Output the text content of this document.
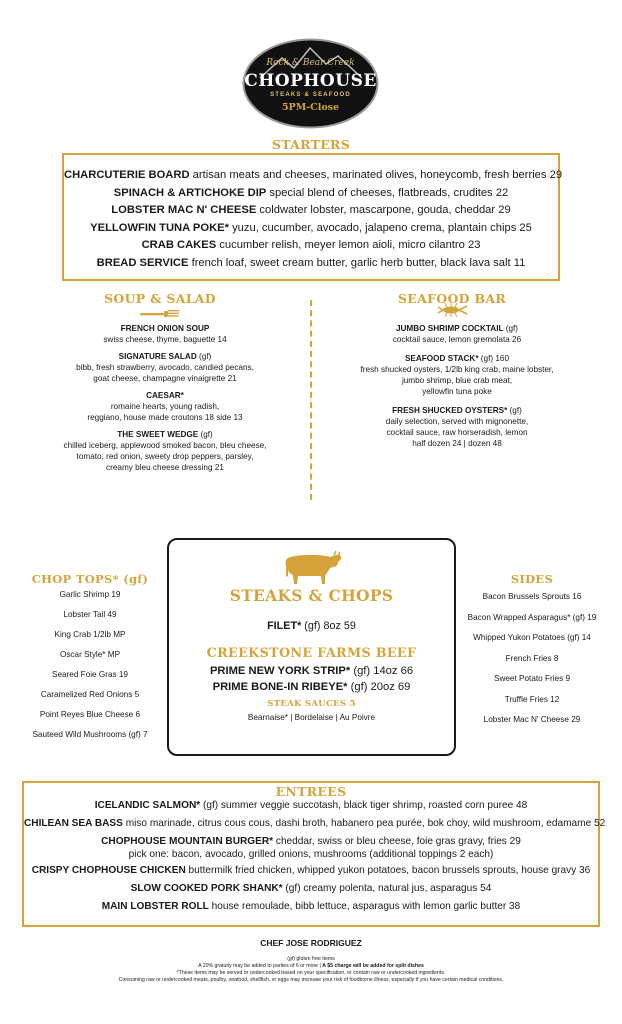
Rock & Bear Creek
CHOPHOUSE
STEAKS & SEAFOOD
5PM-Close
STARTERS
CHARCUTERIE BOARD artisan meats and cheeses, marinated olives, honeycomb, fresh berries 29
SPINACH & ARTICHOKE DIP special blend of cheeses, flatbreads, crudites 22
LOBSTER MAC N' CHEESE coldwater lobster, mascarpone, gouda, cheddar 29
YELLOWFIN TUNA POKE* yuzu, cucumber, avocado, jalapeno crema, plantain chips 25
CRAB CAKES cucumber relish, meyer lemon aioli, micro cilantro 23
BREAD SERVICE french loaf, sweet cream butter, garlic herb butter, black lava salt 11
SOUP & SALAD
FRENCH ONION SOUP
swiss cheese, thyme, baguette 14
SIGNATURE SALAD (gf)
bibb, fresh strawberry, avocado, candied pecans,
goat cheese, champagne vinaigrette 21
CAESAR*
romaine hearts, young radish,
reggiano, house made croutons 18 side 13
THE SWEET WEDGE (gf)
chilled iceberg, applewood smoked bacon, bleu cheese,
tomato, red onion, sweety drop peppers, parsley,
creamy bleu cheese dressing 21
SEAFOOD BAR
JUMBO SHRIMP COCKTAIL (gf)
cocktail sauce, lemon gremolata 26
SEAFOOD STACK* (gf) 160
fresh shucked oysters, 1/2lb king crab, maine lobster,
jumbo shrimp, blue crab meat,
yellowfin tuna poke
FRESH SHUCKED OYSTERS* (gf)
daily selection, served with mignonette,
cocktail sauce, raw horseradish, lemon
half dozen 24 | dozen 48
CHOP TOPS* (gf)
Garlic Shrimp 19
Lobster Tail 49
King Crab 1/2lb MP
Oscar Style* MP
Seared Foie Gras 19
Caramelized Red Onions 5
Point Reyes Blue Cheese 6
Sauteed Wild Mushrooms (gf) 7
STEAKS & CHOPS
FILET* (gf) 8oz 59
CREEKSTONE FARMS BEEF
PRIME NEW YORK STRIP* (gf) 14oz 66
PRIME BONE-IN RIBEYE* (gf) 20oz 69
STEAK SAUCES 5
Bearnaise* | Bordelaise | Au Poivre
SIDES
Bacon Brussels Sprouts 16
Bacon Wrapped Asparagus* (gf) 19
Whipped Yukon Potatoes (gf) 14
French Fries 8
Sweet Potato Fries 9
Truffle Fries 12
Lobster Mac N' Cheese 29
ENTREES
ICELANDIC SALMON* (gf) summer veggie succotash, black tiger shrimp, roasted corn puree 48
CHILEAN SEA BASS miso marinade, citrus cous cous, dashi broth, habanero pea purée, bok choy, wild mushroom, edamame 52
CHOPHOUSE MOUNTAIN BURGER* cheddar, swiss or bleu cheese, foie gras gravy, fries 29
pick one: bacon, avocado, grilled onions, mushrooms (additional toppings 2 each)
CRISPY CHOPHOUSE CHICKEN buttermilk fried chicken, whipped yukon potatoes, bacon brussels sprouts, house gravy 36
SLOW COOKED PORK SHANK* (gf) creamy polenta, natural jus, asparagus 54
MAIN LOBSTER ROLL house remoulade, bibb lettuce, asparagus with lemon garlic butter 38
CHEF JOSE RODRIGUEZ
(gf) gluten free items
A 20% gratuity may be added to parties of 6 or more | A $5 charge will be added for split dishes
*These items may be served or undercooked based on your specification, or contain raw or undercooked ingredients.
Consuming raw or undercooked meats, poultry, seafood, shellfish, or eggs may increase your risk of foodborne illness, especially if you have certain medical conditions.
